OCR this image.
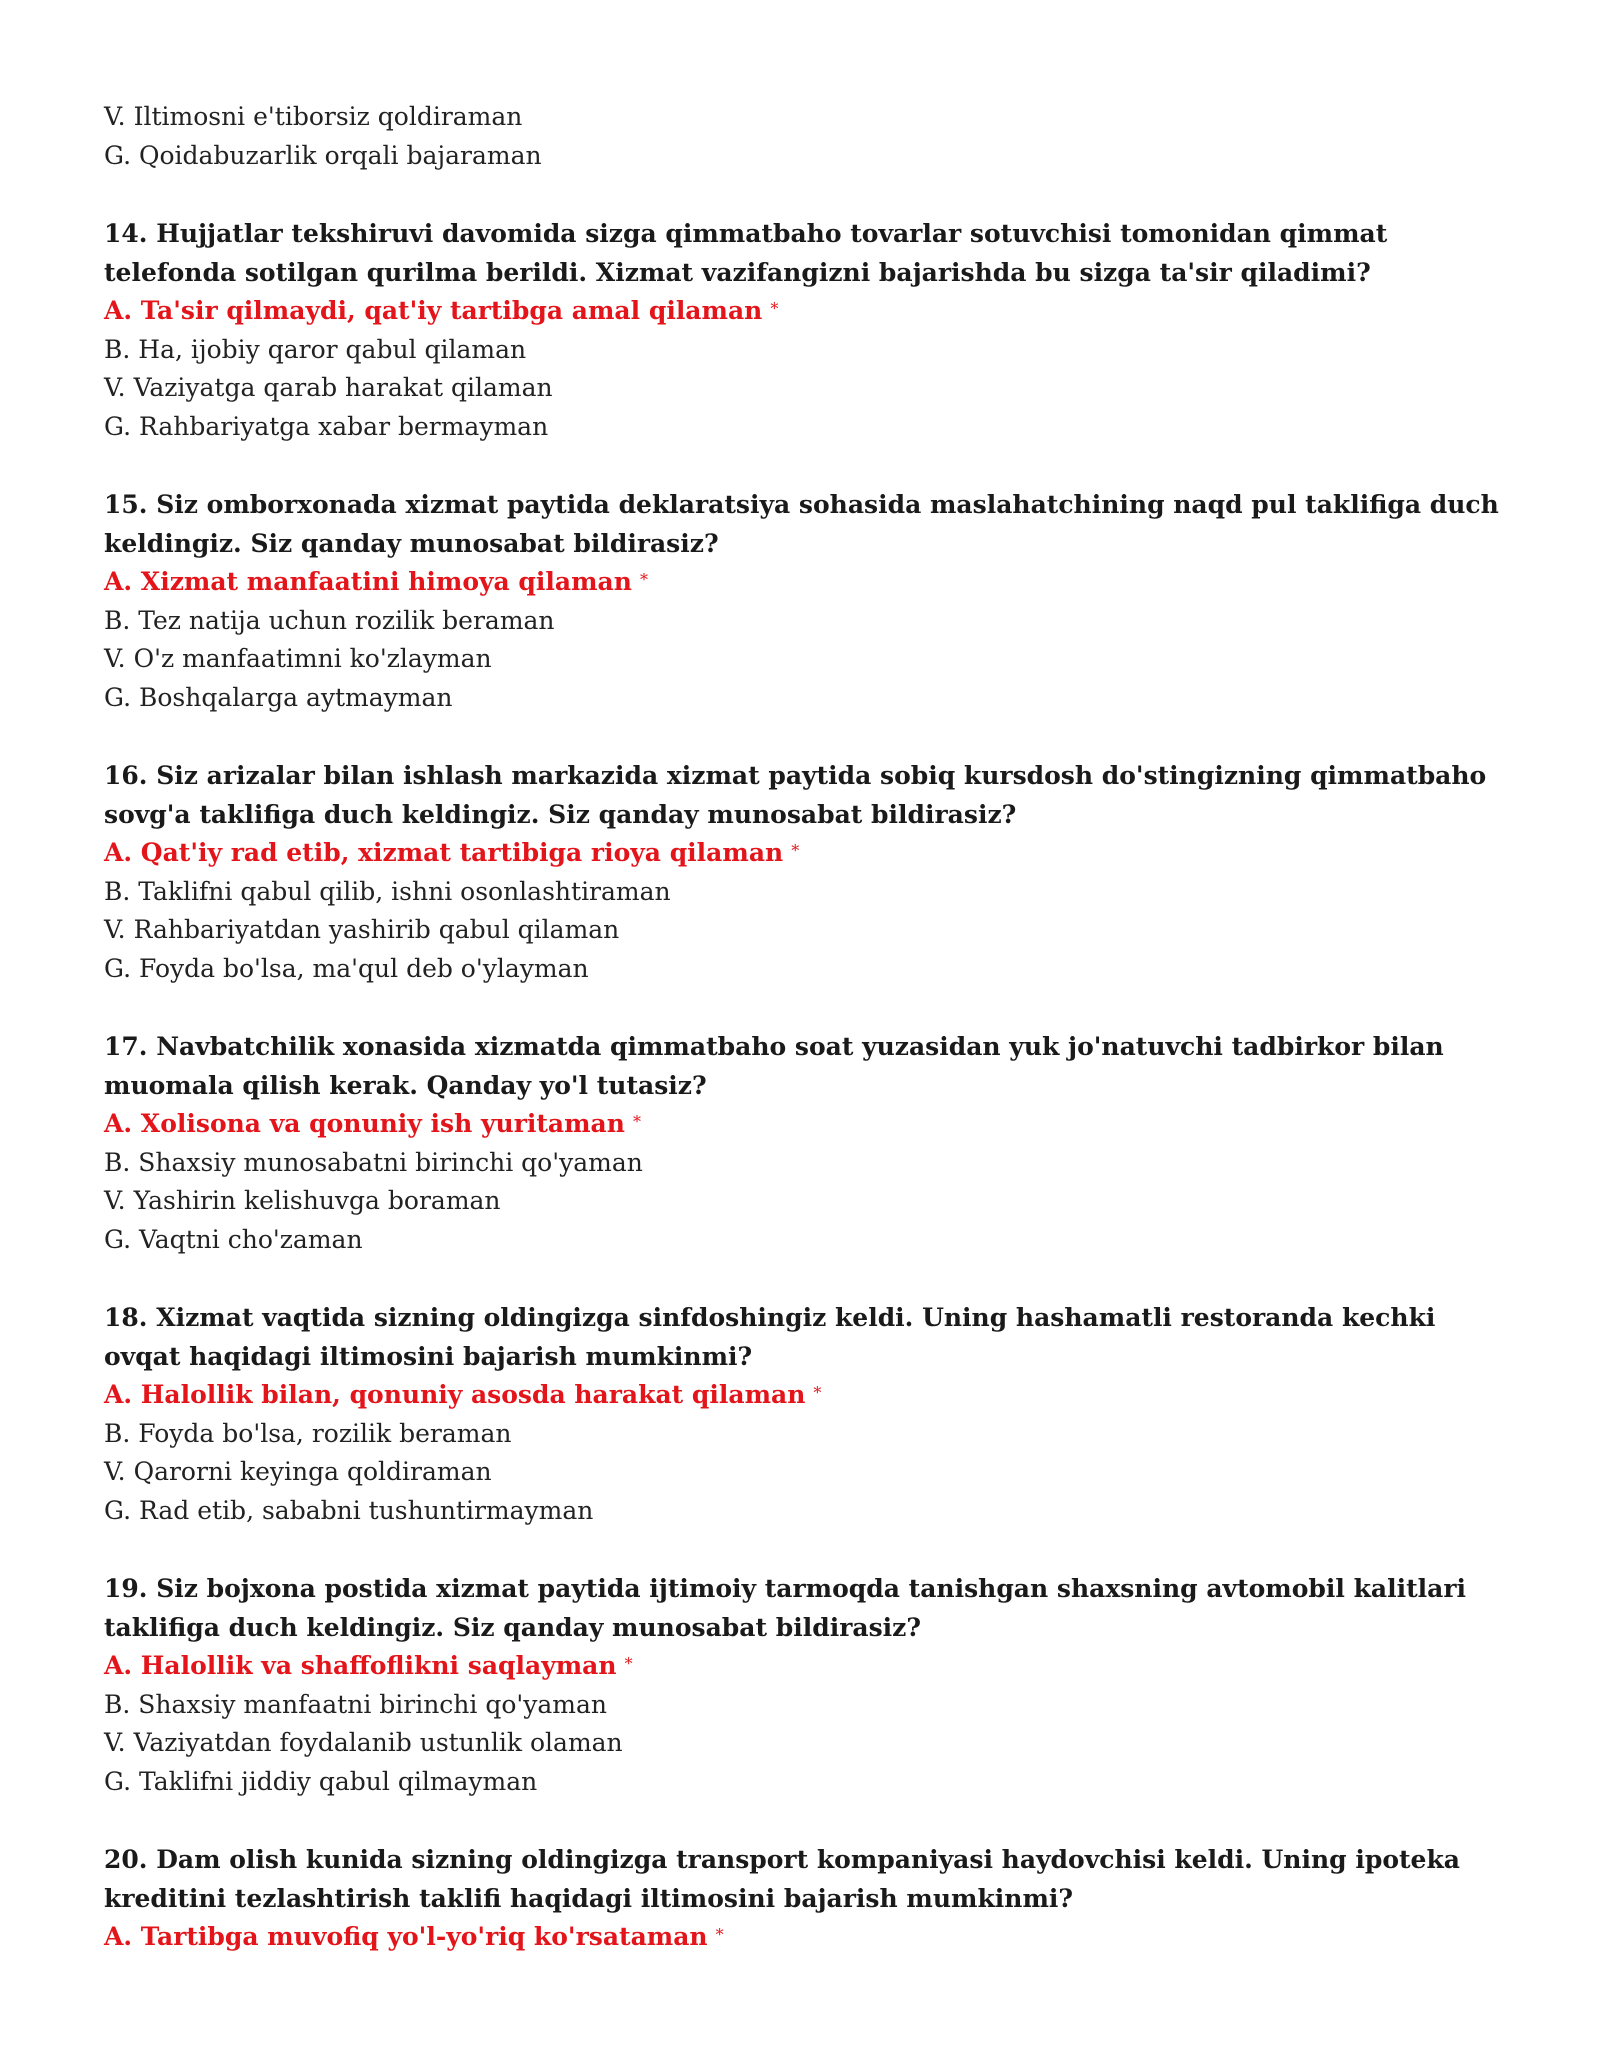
V. Iltimosni e'tiborsiz qoldiraman
G. Qoidabuzarlik orqali bajaraman
14. Hujjatlar tekshiruvi davomida sizga qimmatbaho tovarlar sotuvchisi tomonidan qimmat telefonda sotilgan qurilma berildi. Xizmat vazifangizni bajarishda bu sizga ta'sir qiladimi?
A. Ta'sir qilmaydi, qat'iy tartibga amal qilaman *
B. Ha, ijobiy qaror qabul qilaman
V. Vaziyatga qarab harakat qilaman
G. Rahbariyatga xabar bermayman
15. Siz omborxonada xizmat paytida deklaratsiya sohasida maslahatchining naqd pul taklifiga duch keldingiz. Siz qanday munosabat bildirasiz?
A. Xizmat manfaatini himoya qilaman *
B. Tez natija uchun rozilik beraman
V. O'z manfaatimni ko'zlayman
G. Boshqalarga aytmayman
16. Siz arizalar bilan ishlash markazida xizmat paytida sobiq kursdosh do'stingizning qimmatbaho sovg'a taklifiga duch keldingiz. Siz qanday munosabat bildirasiz?
A. Qat'iy rad etib, xizmat tartibiga rioya qilaman *
B. Taklifni qabul qilib, ishni osonlashtiraman
V. Rahbariyatdan yashirib qabul qilaman
G. Foyda bo'lsa, ma'qul deb o'ylayman
17. Navbatchilik xonasida xizmatda qimmatbaho soat yuzasidan yuk jo'natuvchi tadbirkor bilan muomala qilish kerak. Qanday yo'l tutasiz?
A. Xolisona va qonuniy ish yuritaman *
B. Shaxsiy munosabatni birinchi qo'yaman
V. Yashirin kelishuvga boraman
G. Vaqtni cho'zaman
18. Xizmat vaqtida sizning oldingizga sinfdoshingiz keldi. Uning hashamatli restoranda kechki ovqat haqidagi iltimosini bajarish mumkinmi?
A. Halollik bilan, qonuniy asosda harakat qilaman *
B. Foyda bo'lsa, rozilik beraman
V. Qarorni keyinga qoldiraman
G. Rad etib, sababni tushuntirmayman
19. Siz bojxona postida xizmat paytida ijtimoiy tarmoqda tanishgan shaxsning avtomobil kalitlari taklifiga duch keldingiz. Siz qanday munosabat bildirasiz?
A. Halollik va shaffoflikni saqlayman *
B. Shaxsiy manfaatni birinchi qo'yaman
V. Vaziyatdan foydalanib ustunlik olaman
G. Taklifni jiddiy qabul qilmayman
20. Dam olish kunida sizning oldingizga transport kompaniyasi haydovchisi keldi. Uning ipoteka kreditini tezlashtirish taklifi haqidagi iltimosini bajarish mumkinmi?
A. Tartibga muvofiq yo'l-yo'riq ko'rsataman *
